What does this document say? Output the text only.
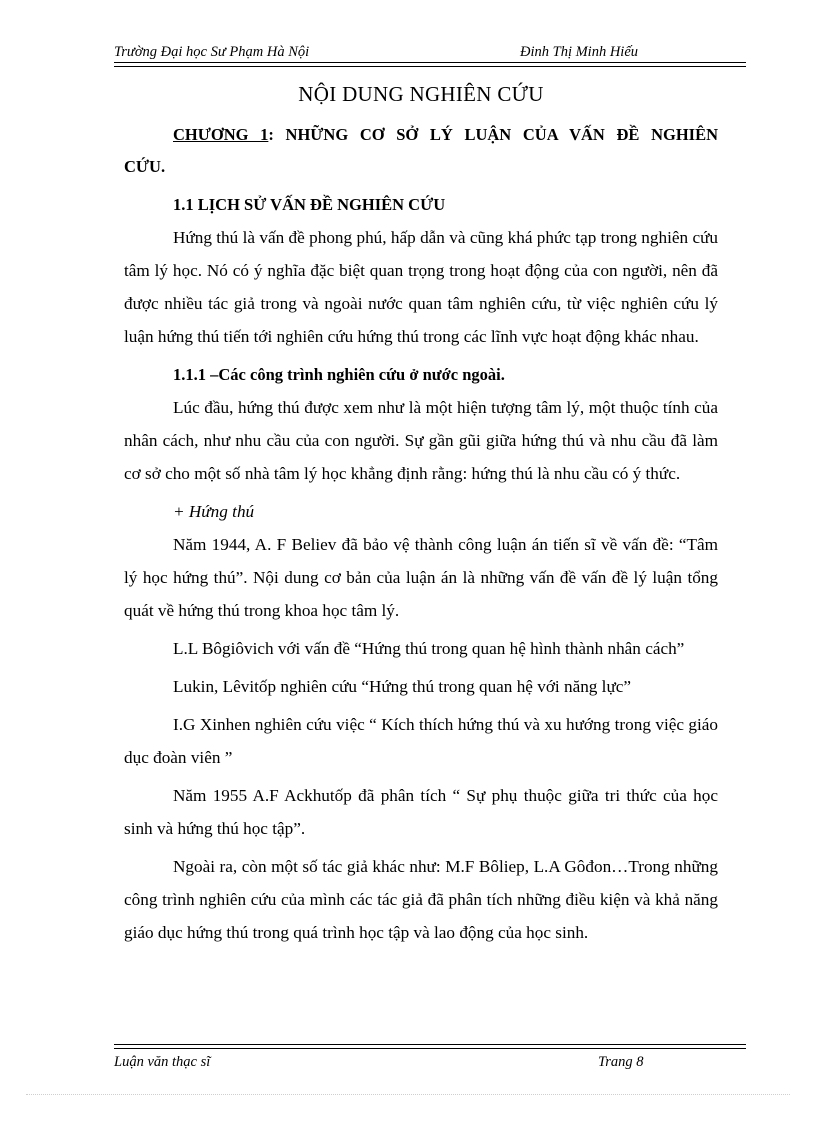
Trường Đại học Sư Phạm Hà Nội	Đinh Thị Minh Hiếu
NỘI DUNG NGHIÊN CỨU

CHƯƠNG 1: NHỮNG CƠ SỞ LÝ LUẬN CỦA VẤN ĐỀ NGHIÊN CỨU.

1.1 LỊCH SỬ VẤN ĐỀ NGHIÊN CỨU

Hứng thú là vấn đề phong phú, hấp dẫn và cũng khá phức tạp trong nghiên cứu tâm lý học. Nó có ý nghĩa đặc biệt quan trọng trong hoạt động của con người, nên đã được nhiều tác giả trong và ngoài nước quan tâm nghiên cứu, từ việc nghiên cứu lý luận hứng thú tiến tới nghiên cứu hứng thú trong các lĩnh vực hoạt động khác nhau.

1.1.1 –Các công trình nghiên cứu ở nước ngoài.

Lúc đầu, hứng thú được xem như là một hiện tượng tâm lý, một thuộc tính của nhân cách, như nhu cầu của con người. Sự gần gũi giữa hứng thú và nhu cầu đã làm cơ sở cho một số nhà tâm lý học khẳng định rằng: hứng thú là nhu cầu có ý thức.

+ Hứng thú

Năm 1944, A. F Believ đã bảo vệ thành công luận án tiến sĩ về vấn đề: “Tâm lý học hứng thú”. Nội dung cơ bản của luận án là những vấn đề vấn đề lý luận tổng quát về hứng thú trong khoa học tâm lý.

L.L Bôgiôvich với vấn đề “Hứng thú trong quan hệ hình thành nhân cách”

Lukin, Lêvitốp nghiên cứu “Hứng thú trong quan hệ với năng lực”

I.G Xinhen nghiên cứu việc “ Kích thích hứng thú và xu hướng trong việc giáo dục đoàn viên ”

Năm 1955 A.F Ackhutốp đã phân tích “ Sự phụ thuộc giữa tri thức của học sinh và hứng thú học tập”.

Ngoài ra, còn một số tác giả khác như: M.F Bôliep, L.A Gôđon…Trong những công trình nghiên cứu của mình các tác giả đã phân tích những điều kiện và khả năng giáo dục hứng thú trong quá trình học tập và lao động của học sinh.

Luận văn thạc sĩ	Trang 8
